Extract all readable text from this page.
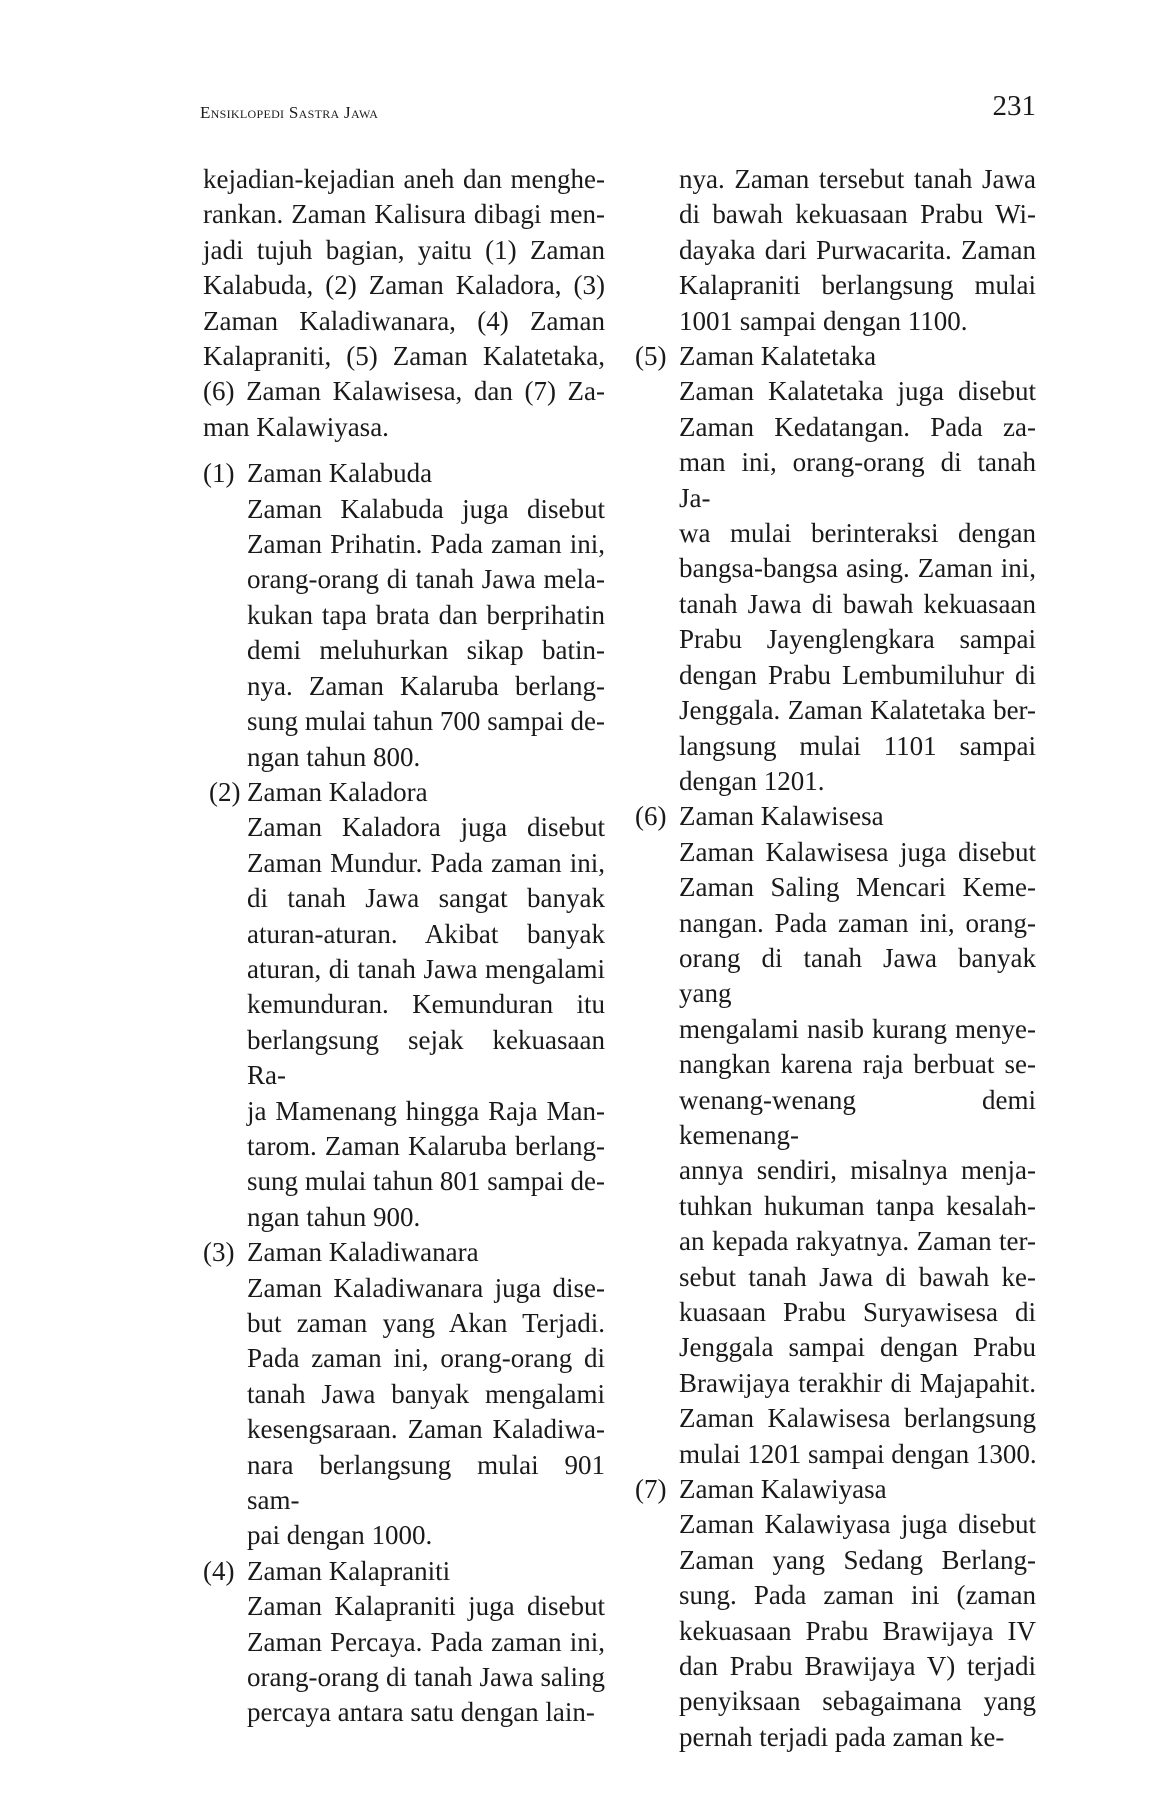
Ensiklopedi Sastra Jawa	231
kejadian-kejadian aneh dan menghe-
rankan. Zaman Kalisura dibagi men-
jadi tujuh bagian, yaitu (1) Zaman
Kalabuda, (2) Zaman Kaladora, (3)
Zaman Kaladiwanara, (4) Zaman
Kalapraniti, (5) Zaman Kalatetaka,
(6) Zaman Kalawisesa, dan (7) Za-
man Kalawiyasa.
(1) Zaman Kalabuda
Zaman Kalabuda juga disebut
Zaman Prihatin. Pada zaman ini,
orang-orang di tanah Jawa mela-
kukan tapa brata dan berprihatin
demi meluhurkan sikap batin-
nya. Zaman Kalaruba berlang-
sung mulai tahun 700 sampai de-
ngan tahun 800.
(2) Zaman Kaladora
Zaman Kaladora juga disebut
Zaman Mundur. Pada zaman ini,
di tanah Jawa sangat banyak
aturan-aturan. Akibat banyak
aturan, di tanah Jawa mengalami
kemunduran. Kemunduran itu
berlangsung sejak kekuasaan Ra-
ja Mamenang hingga Raja Man-
tarom. Zaman Kalaruba berlang-
sung mulai tahun 801 sampai de-
ngan tahun 900.
(3) Zaman Kaladiwanara
Zaman Kaladiwanara juga dise-
but zaman yang Akan Terjadi.
Pada zaman ini, orang-orang di
tanah Jawa banyak mengalami
kesengsaraan. Zaman Kaladiwa-
nara berlangsung mulai 901 sam-
pai dengan 1000.
(4) Zaman Kalapraniti
Zaman Kalapraniti juga disebut
Zaman Percaya. Pada zaman ini,
orang-orang di tanah Jawa saling
percaya antara satu dengan lain-
nya. Zaman tersebut tanah Jawa
di bawah kekuasaan Prabu Wi-
dayaka dari Purwacarita. Zaman
Kalapraniti berlangsung mulai
1001 sampai dengan 1100.
(5) Zaman Kalatetaka
Zaman Kalatetaka juga disebut
Zaman Kedatangan. Pada za-
man ini, orang-orang di tanah Ja-
wa mulai berinteraksi dengan
bangsa-bangsa asing. Zaman ini,
tanah Jawa di bawah kekuasaan
Prabu Jayenglengkara sampai
dengan Prabu Lembumiluhur di
Jenggala. Zaman Kalatetaka ber-
langsung mulai 1101 sampai
dengan 1201.
(6) Zaman Kalawisesa
Zaman Kalawisesa juga disebut
Zaman Saling Mencari Keme-
nangan. Pada zaman ini, orang-
orang di tanah Jawa banyak yang
mengalami nasib kurang menye-
nangkan karena raja berbuat se-
wenang-wenang demi kemenang-
annya sendiri, misalnya menja-
tuhkan hukuman tanpa kesalah-
an kepada rakyatnya. Zaman ter-
sebut tanah Jawa di bawah ke-
kuasaan Prabu Suryawisesa di
Jenggala sampai dengan Prabu
Brawijaya terakhir di Majapahit.
Zaman Kalawisesa berlangsung
mulai 1201 sampai dengan 1300.
(7) Zaman Kalawiyasa
Zaman Kalawiyasa juga disebut
Zaman yang Sedang Berlang-
sung. Pada zaman ini (zaman
kekuasaan Prabu Brawijaya IV
dan Prabu Brawijaya V) terjadi
penyiksaan sebagaimana yang
pernah terjadi pada zaman ke-
